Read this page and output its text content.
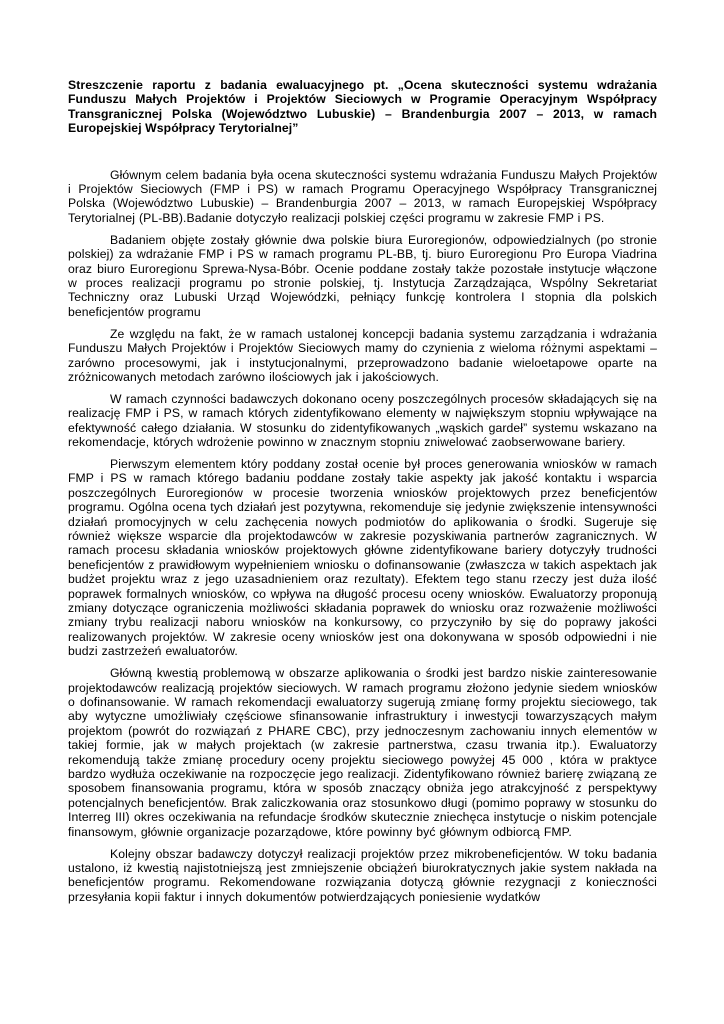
Streszczenie raportu z badania ewaluacyjnego pt. „Ocena skuteczności systemu wdrażania Funduszu Małych Projektów i Projektów Sieciowych w Programie Operacyjnym Współpracy Transgranicznej Polska (Województwo Lubuskie) – Brandenburgia 2007 – 2013, w ramach Europejskiej Współpracy Terytorialnej”

Głównym celem badania była ocena skuteczności systemu wdrażania Funduszu Małych Projektów i Projektów Sieciowych (FMP i PS) w ramach Programu Operacyjnego Współpracy Transgranicznej Polska (Województwo Lubuskie) – Brandenburgia 2007 – 2013, w ramach Europejskiej Współpracy Terytorialnej (PL-BB).Badanie dotyczyło realizacji polskiej części programu w zakresie FMP i PS.

Badaniem objęte zostały głównie dwa polskie biura Euroregionów, odpowiedzialnych (po stronie polskiej) za wdrażanie FMP i PS w ramach programu PL-BB, tj. biuro Euroregionu Pro Europa Viadrina oraz biuro Euroregionu Sprewa-Nysa-Bóbr. Ocenie poddane zostały także pozostałe instytucje włączone w proces realizacji programu po stronie polskiej, tj. Instytucja Zarządzająca, Wspólny Sekretariat Techniczny oraz Lubuski Urząd Wojewódzki, pełniący funkcję kontrolera I stopnia dla polskich beneficjentów programu

Ze względu na fakt, że w ramach ustalonej koncepcji badania systemu zarządzania i wdrażania Funduszu Małych Projektów i Projektów Sieciowych mamy do czynienia z wieloma różnymi aspektami – zarówno procesowymi, jak i instytucjonalnymi, przeprowadzono badanie wieloetapowe oparte na zróżnicowanych metodach zarówno ilościowych jak i jakościowych.

W ramach czynności badawczych dokonano oceny poszczególnych procesów składających się na realizację FMP i PS, w ramach których zidentyfikowano elementy w największym stopniu wpływające na efektywność całego działania. W stosunku do zidentyfikowanych „wąskich gardeł” systemu wskazano na rekomendacje, których wdrożenie powinno w znacznym stopniu zniwelować zaobserwowane bariery.

Pierwszym elementem który poddany został ocenie był proces generowania wniosków w ramach FMP i PS w ramach którego badaniu poddane zostały takie aspekty jak jakość kontaktu i wsparcia poszczególnych Euroregionów w procesie tworzenia wniosków projektowych przez beneficjentów programu. Ogólna ocena tych działań jest pozytywna, rekomenduje się jedynie zwiększenie intensywności działań promocyjnych w celu zachęcenia nowych podmiotów do aplikowania o środki. Sugeruje się również większe wsparcie dla projektodawców w zakresie pozyskiwania partnerów zagranicznych. W ramach procesu składania wniosków projektowych główne zidentyfikowane bariery dotyczyły trudności beneficjentów z prawidłowym wypełnieniem wniosku o dofinansowanie (zwłaszcza w takich aspektach jak budżet projektu wraz z jego uzasadnieniem oraz rezultaty). Efektem tego stanu rzeczy jest duża ilość poprawek formalnych wniosków, co wpływa na długość procesu oceny wniosków. Ewaluatorzy proponują zmiany dotyczące ograniczenia możliwości składania poprawek do wniosku oraz rozważenie możliwości zmiany trybu realizacji naboru wniosków na konkursowy, co przyczyniło by się do poprawy jakości realizowanych projektów. W zakresie oceny wniosków jest ona dokonywana w sposób odpowiedni i nie budzi zastrzeżeń ewaluatorów.

Główną kwestią problemową w obszarze aplikowania o środki jest bardzo niskie zainteresowanie projektodawców realizacją projektów sieciowych. W ramach programu złożono jedynie siedem wniosków o dofinansowanie. W ramach rekomendacji ewaluatorzy sugerują zmianę formy projektu sieciowego, tak aby wytyczne umożliwiały częściowe sfinansowanie infrastruktury i inwestycji towarzyszących małym projektom (powrót do rozwiązań z PHARE CBC), przy jednoczesnym zachowaniu innych elementów w takiej formie, jak w małych projektach (w zakresie partnerstwa, czasu trwania itp.). Ewaluatorzy rekomendują także zmianę procedury oceny projektu sieciowego powyżej 45 000 , która w praktyce bardzo wydłuża oczekiwanie na rozpoczęcie jego realizacji. Zidentyfikowano również barierę związaną ze sposobem finansowania programu, która w sposób znaczący obniża jego atrakcyjność z perspektywy potencjalnych beneficjentów. Brak zaliczkowania oraz stosunkowo długi (pomimo poprawy w stosunku do Interreg III) okres oczekiwania na refundacje środków skutecznie zniechęca instytucje o niskim potencjale finansowym, głównie organizacje pozarządowe, które powinny być głównym odbiorcą FMP.

Kolejny obszar badawczy dotyczył realizacji projektów przez mikrobeneficjentów. W toku badania ustalono, iż kwestią najistotniejszą jest zmniejszenie obciążeń biurokratycznych jakie system nakłada na beneficjentów programu. Rekomendowane rozwiązania dotyczą głównie rezygnacji z konieczności przesyłania kopii faktur i innych dokumentów potwierdzających poniesienie wydatków
